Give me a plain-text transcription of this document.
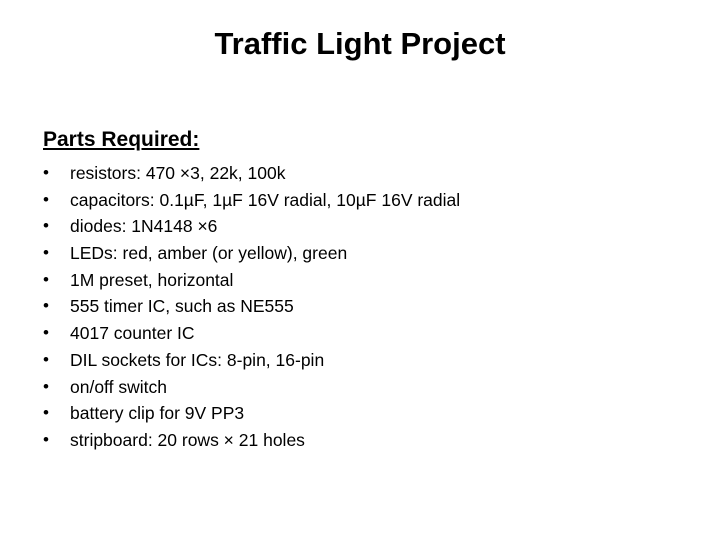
Traffic Light Project
Parts Required:
•	resistors: 470 ×3, 22k, 100k
•	capacitors: 0.1µF, 1µF 16V radial, 10µF 16V radial
•	diodes: 1N4148 ×6
•	LEDs: red, amber (or yellow), green
•	1M preset, horizontal
•	555 timer IC, such as NE555
•	4017 counter IC
•	DIL sockets for ICs: 8-pin, 16-pin
•	on/off switch
•	battery clip for 9V PP3
•	stripboard: 20 rows × 21 holes
